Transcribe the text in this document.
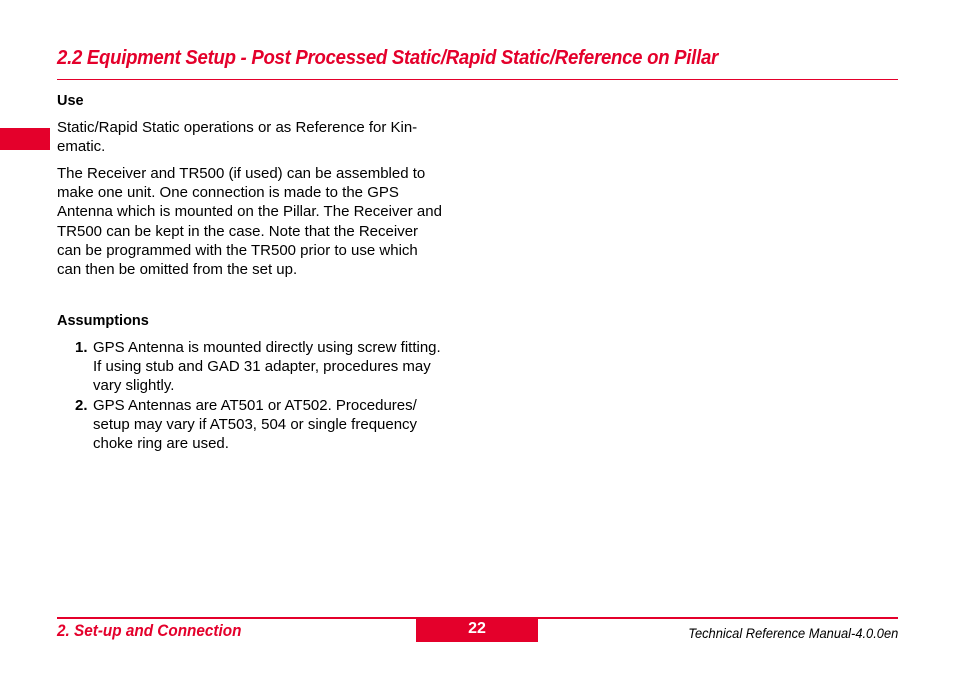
2.2 Equipment Setup - Post Processed Static/Rapid Static/Reference on Pillar

Use

Static/Rapid Static operations or as Reference for Kin-
ematic.

The Receiver and TR500 (if used) can be assembled to
make one unit. One connection is made to the GPS
Antenna which is mounted on the Pillar. The Receiver and
TR500 can be kept in the case. Note that the Receiver
can be programmed with the TR500 prior to use which
can then be omitted from the set up.

Assumptions

1. GPS Antenna is mounted directly using screw fitting.
If using stub and GAD 31 adapter, procedures may
vary slightly.
2. GPS Antennas are AT501 or AT502. Procedures/
setup may vary if AT503, 504 or single frequency
choke ring are used.
2. Set-up and Connection	22	Technical Reference Manual-4.0.0en
